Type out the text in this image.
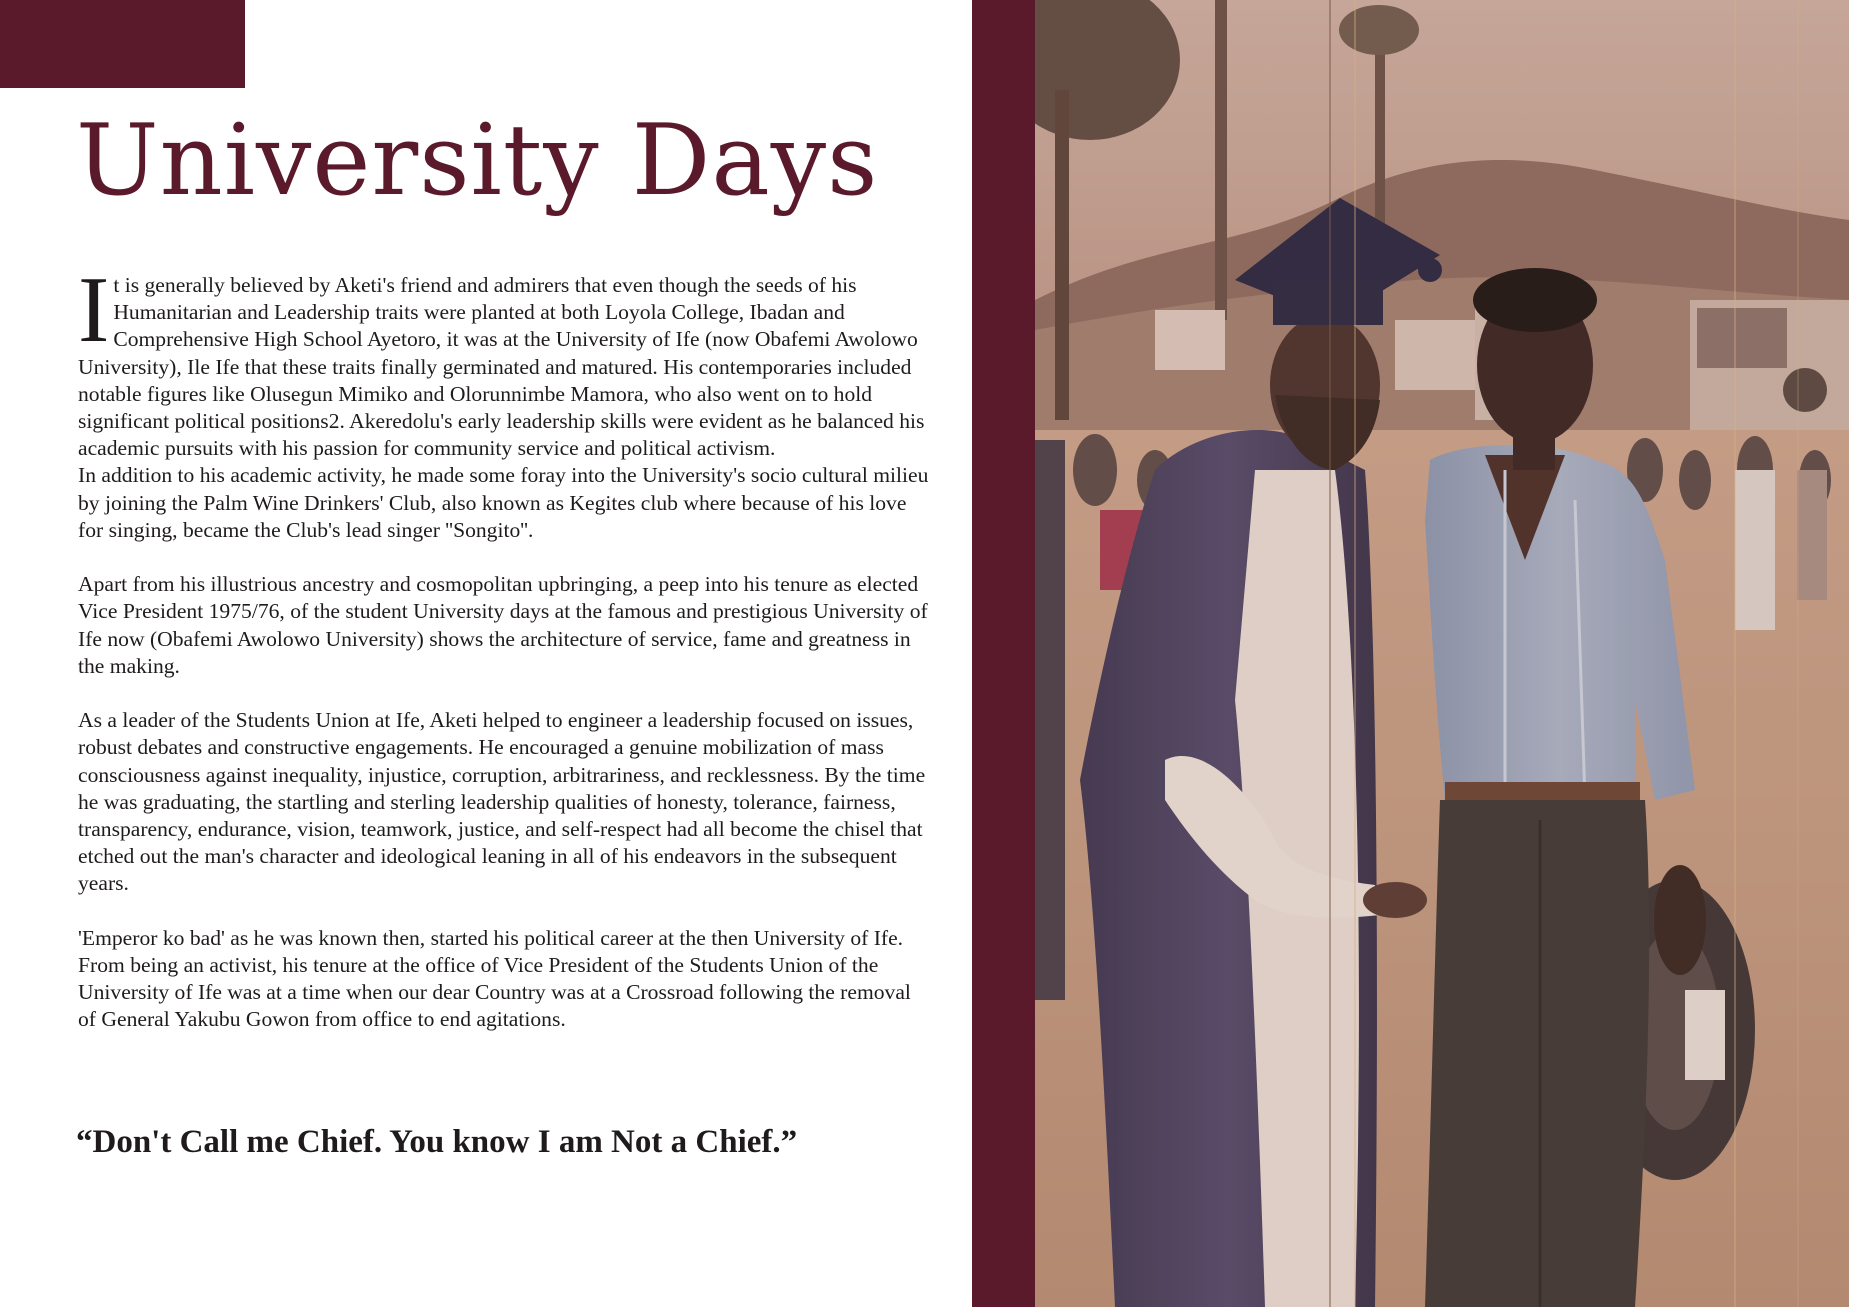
University Days

It is generally believed by Aketi's friend and admirers that even though the seeds of his Humanitarian and Leadership traits were planted at both Loyola College, Ibadan and Comprehensive High School Ayetoro, it was at the University of Ife (now Obafemi Awolowo University), Ile Ife that these traits finally germinated and matured. His contemporaries included notable figures like Olusegun Mimiko and Olorunnimbe Mamora, who also went on to hold significant political positions2. Akeredolu's early leadership skills were evident as he balanced his academic pursuits with his passion for community service and political activism.

In addition to his academic activity, he made some foray into the University's socio cultural milieu by joining the Palm Wine Drinkers' Club, also known as Kegites club where because of his love for singing, became the Club's lead singer ''Songito''.

Apart from his illustrious ancestry and cosmopolitan upbringing, a peep into his tenure as elected Vice President 1975/76, of the student University days at the famous and prestigious University of Ife now (Obafemi Awolowo University) shows the architecture of service, fame and greatness in the making.

As a leader of the Students Union at Ife, Aketi helped to engineer a leadership focused on issues, robust debates and constructive engagements. He encouraged a genuine mobilization of mass consciousness against inequality, injustice, corruption, arbitrariness, and recklessness. By the time he was graduating, the startling and sterling leadership qualities of honesty, tolerance, fairness, transparency, endurance, vision, teamwork, justice, and self-respect had all become the chisel that etched out the man's character and ideological leaning in all of his endeavors in the subsequent years.

'Emperor ko bad' as he was known then, started his political career at the then University of Ife. From being an activist, his tenure at the office of Vice President of the Students Union of the University of Ife was at a time when our dear Country was at a Crossroad following the removal of General Yakubu Gowon from office to end agitations.

“Don't Call me Chief. You know I am Not a Chief.”
